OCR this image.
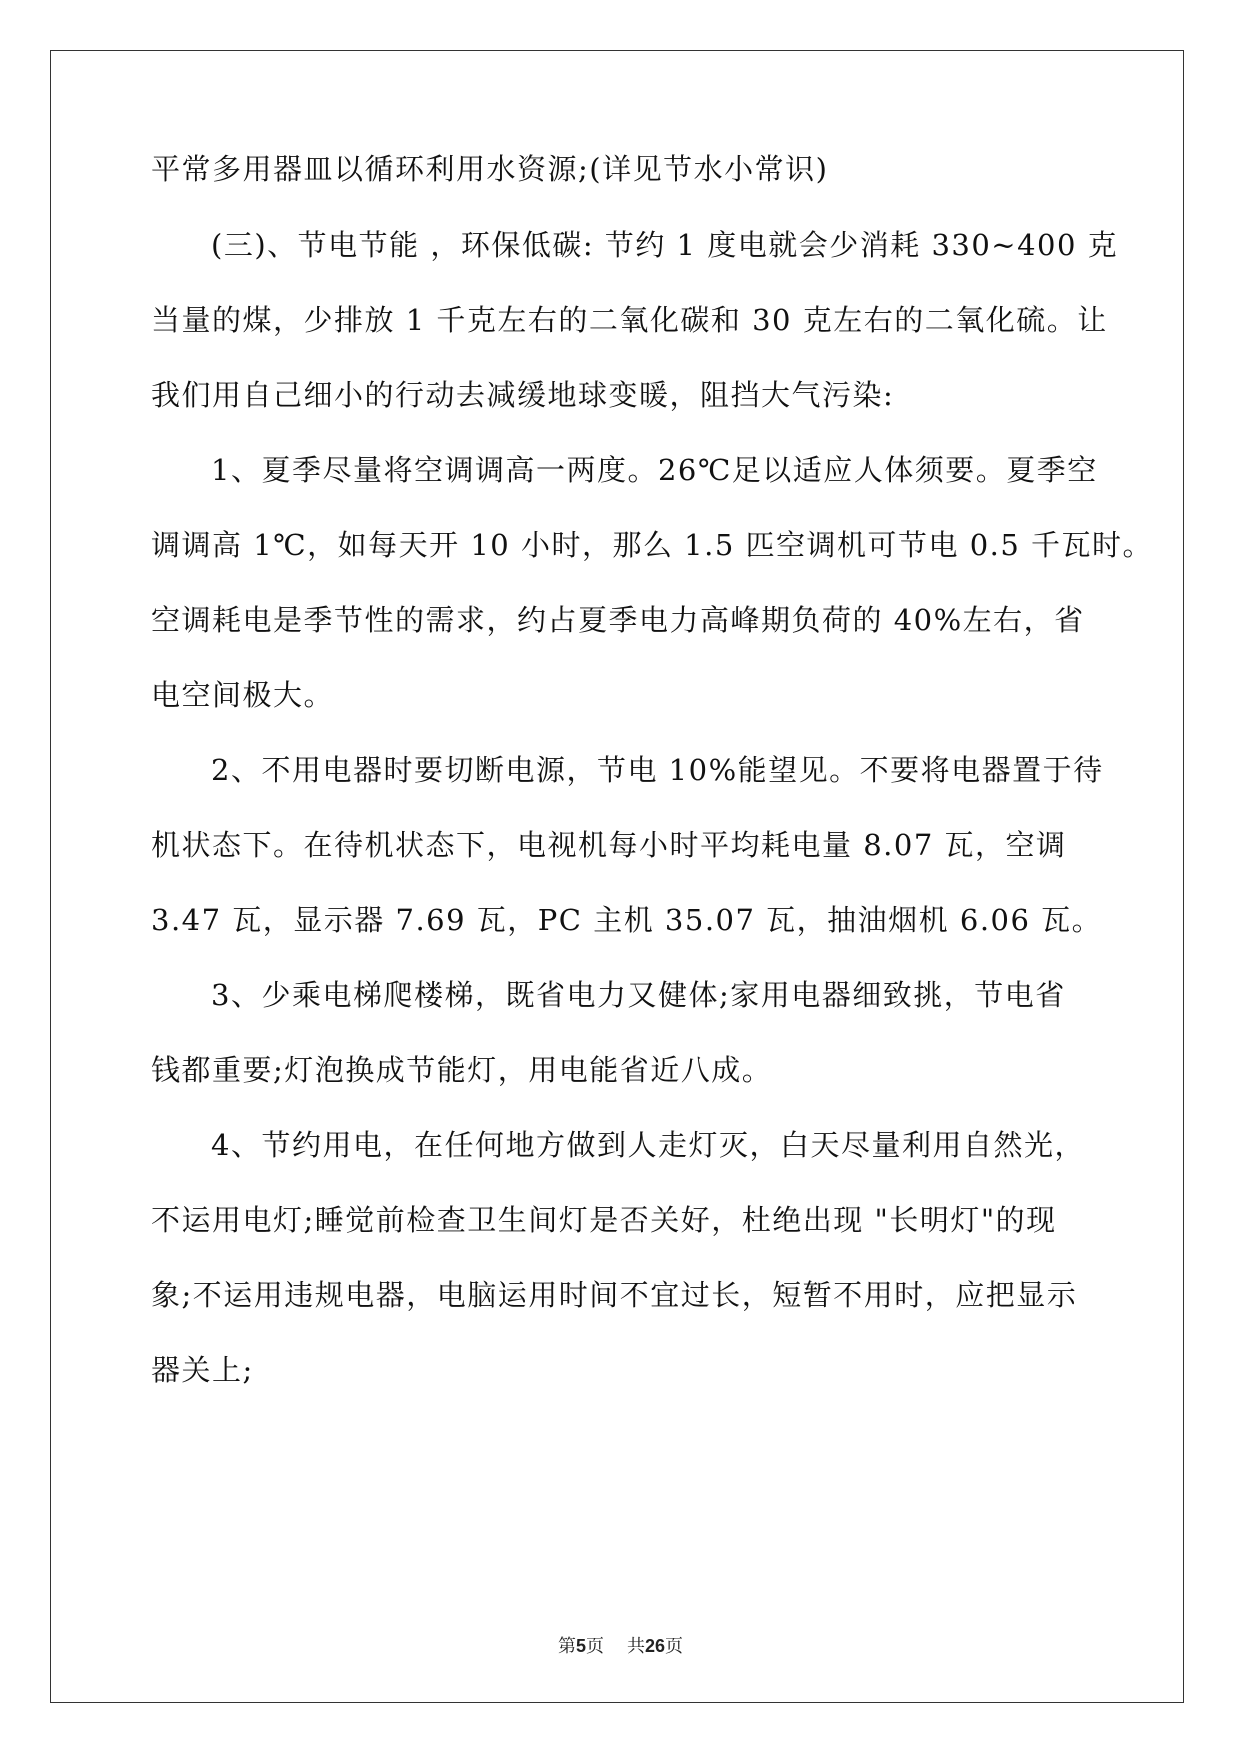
平常多用器皿以循环利用水资源;(详见节水小常识)
(三)、节电节能 ，环保低碳: 节约 1 度电就会少消耗 330~400 克
当量的煤，少排放 1 千克左右的二氧化碳和 30 克左右的二氧化硫。让
我们用自己细小的行动去减缓地球变暖，阻挡大气污染:
1、夏季尽量将空调调高一两度。26℃足以适应人体须要。夏季空
调调高 1℃，如每天开 10 小时，那么 1.5 匹空调机可节电 0.5 千瓦时。
空调耗电是季节性的需求，约占夏季电力高峰期负荷的 40%左右，省
电空间极大。
2、不用电器时要切断电源，节电 10%能望见。不要将电器置于待
机状态下。在待机状态下，电视机每小时平均耗电量 8.07 瓦，空调
3.47 瓦，显示器 7.69 瓦，PC 主机 35.07 瓦，抽油烟机 6.06 瓦。
3、少乘电梯爬楼梯，既省电力又健体;家用电器细致挑，节电省
钱都重要;灯泡换成节能灯，用电能省近八成。
4、节约用电，在任何地方做到人走灯灭，白天尽量利用自然光，
不运用电灯;睡觉前检查卫生间灯是否关好，杜绝出现 "长明灯"的现
象;不运用违规电器，电脑运用时间不宜过长，短暂不用时，应把显示
器关上;
第5页 共26页
